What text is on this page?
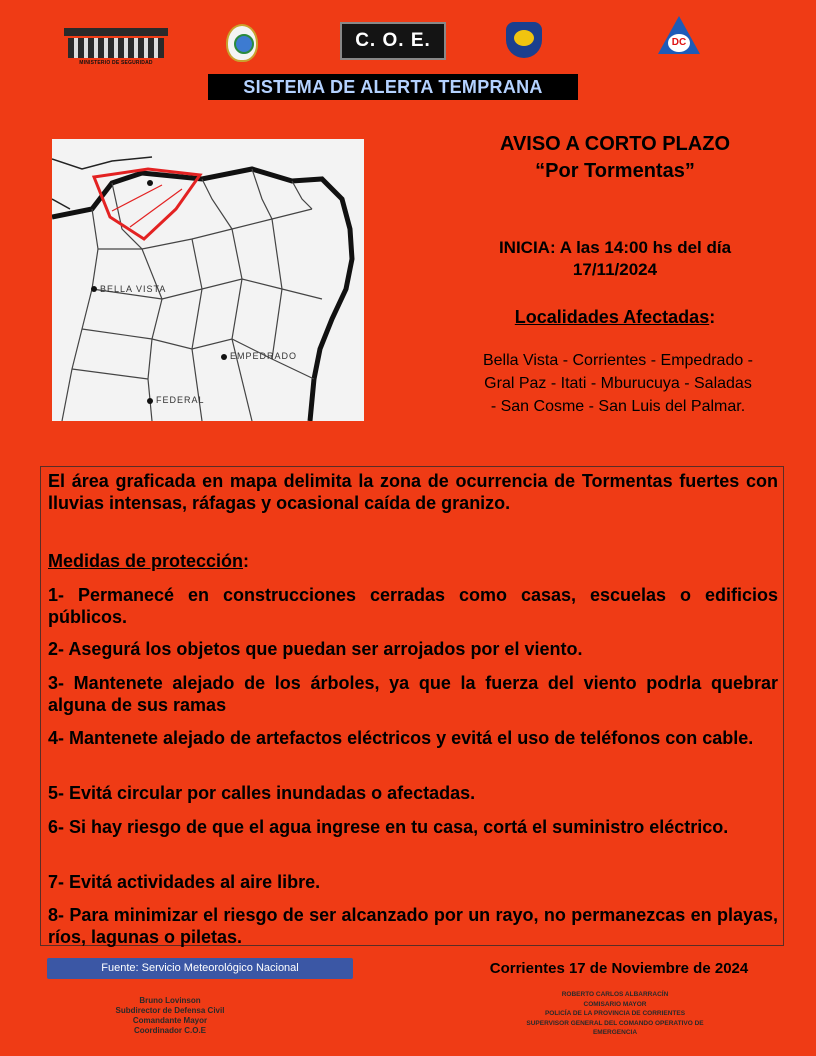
MINISTERIO DE SEGURIDAD
C. O. E.	DC
SISTEMA DE ALERTA TEMPRANA
BELLA VISTA
EMPEDRADO
FEDERAL
AVISO A CORTO PLAZO
“Por Tormentas”
INICIA: A las 14:00 hs del día
17/11/2024
Localidades Afectadas:
Bella Vista - Corrientes - Empedrado -
Gral Paz - Itati - Mburucuya - Saladas
- San Cosme - San Luis del Palmar.

El área graficada en mapa delimita la zona de ocurrencia de Tormentas fuertes con lluvias intensas, ráfagas y ocasional caída de granizo.

Medidas de protección:

1- Permanecé en construcciones cerradas como casas, escuelas o edificios públicos.

2- Asegurá los objetos que puedan ser arrojados por el viento.

3- Mantenete alejado de los árboles, ya que la fuerza del viento podrla quebrar alguna de sus ramas

4- Mantenete alejado de artefactos eléctricos y evitá el uso de teléfonos con cable.

5- Evitá circular por calles inundadas o afectadas.

6- Si hay riesgo de que el agua ingrese en tu casa, cortá el suministro eléctrico.

7- Evitá actividades al aire libre.

8- Para minimizar el riesgo de ser alcanzado por un rayo, no permanezcas en playas, ríos, lagunas o piletas.

Fuente: Servicio Meteorológico Nacional	Corrientes 17 de Noviembre de 2024
Bruno Lovinson
Subdirector de Defensa Civil
Comandante Mayor
Coordinador C.O.E
ROBERTO CARLOS ALBARRACÍN
COMISARIO MAYOR
POLICÍA DE LA PROVINCIA DE CORRIENTES
SUPERVISOR GENERAL DEL COMANDO OPERATIVO DE
EMERGENCIA
